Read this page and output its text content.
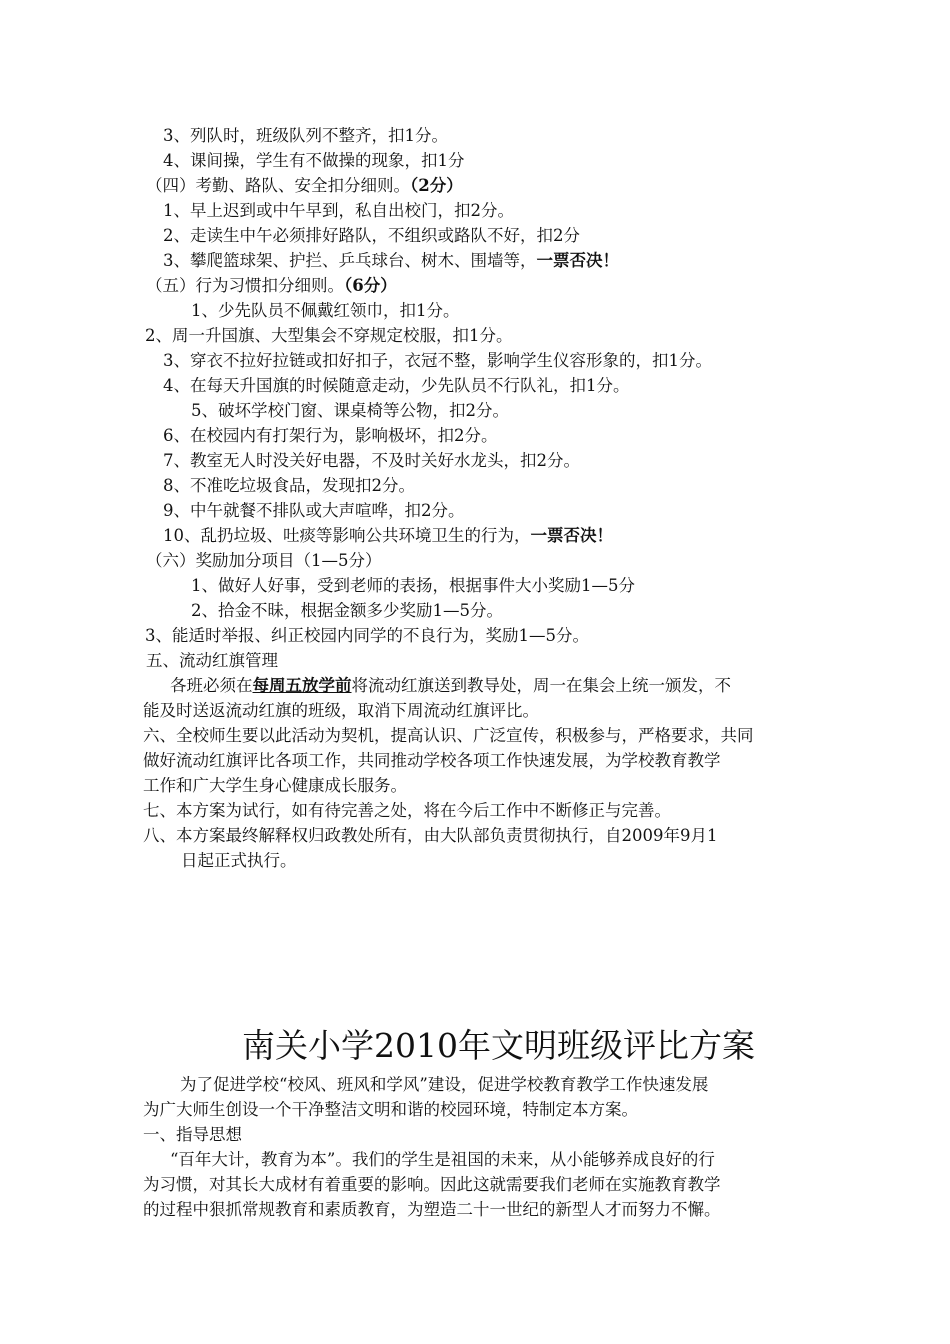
3、列队时，班级队列不整齐，扣1分。
4、课间操，学生有不做操的现象，扣1分
（四）考勤、路队、安全扣分细则。（2分）
1、早上迟到或中午早到，私自出校门，扣2分。
2、走读生中午必须排好路队，不组织或路队不好，扣2分
3、攀爬篮球架、护拦、乒乓球台、树木、围墙等，一票否决！
（五）行为习惯扣分细则。（6分）
1、少先队员不佩戴红领巾，扣1分。
2、周一升国旗、大型集会不穿规定校服，扣1分。
3、穿衣不拉好拉链或扣好扣子，衣冠不整，影响学生仪容形象的，扣1分。
4、在每天升国旗的时候随意走动，少先队员不行队礼，扣1分。
5、破坏学校门窗、课桌椅等公物，扣2分。
6、在校园内有打架行为，影响极坏，扣2分。
7、教室无人时没关好电器，不及时关好水龙头，扣2分。
8、不准吃垃圾食品，发现扣2分。
9、中午就餐不排队或大声喧哗，扣2分。
10、乱扔垃圾、吐痰等影响公共环境卫生的行为，一票否决！
（六）奖励加分项目（1—5分）
1、做好人好事，受到老师的表扬，根据事件大小奖励1—5分
2、拾金不昧，根据金额多少奖励1—5分。
3、能适时举报、纠正校园内同学的不良行为，奖励1—5分。
五、流动红旗管理
各班必须在每周五放学前将流动红旗送到教导处，周一在集会上统一颁发，不
能及时送返流动红旗的班级，取消下周流动红旗评比。
六、全校师生要以此活动为契机，提高认识、广泛宣传，积极参与，严格要求，共同
做好流动红旗评比各项工作，共同推动学校各项工作快速发展，为学校教育教学
工作和广大学生身心健康成长服务。
七、本方案为试行，如有待完善之处，将在今后工作中不断修正与完善。
八、本方案最终解释权归政教处所有，由大队部负责贯彻执行，自2009年9月1
日起正式执行。
南关小学2010年文明班级评比方案
为了促进学校“校风、班风和学风”建设，促进学校教育教学工作快速发展
为广大师生创设一个干净整洁文明和谐的校园环境，特制定本方案。
一、指导思想
“百年大计，教育为本”。我们的学生是祖国的未来，从小能够养成良好的行
为习惯，对其长大成材有着重要的影响。因此这就需要我们老师在实施教育教学
的过程中狠抓常规教育和素质教育，为塑造二十一世纪的新型人才而努力不懈。
